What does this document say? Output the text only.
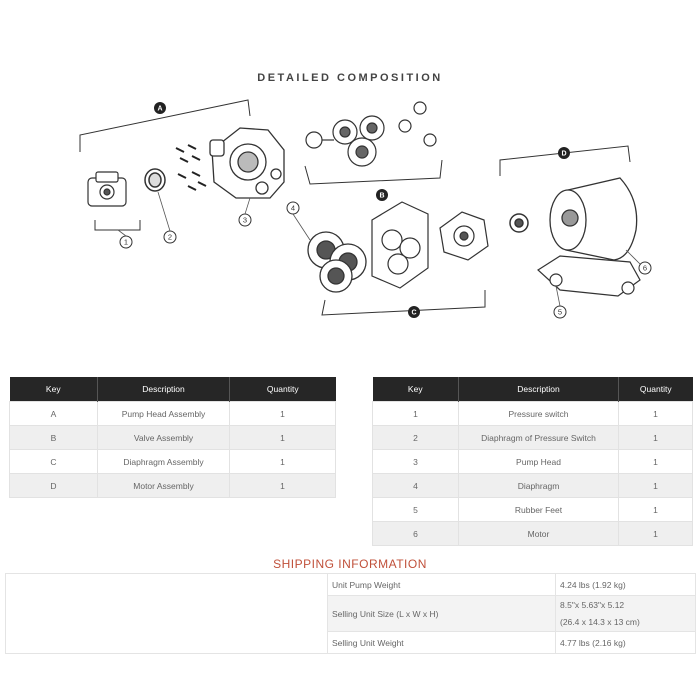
DETAILED COMPOSITION
A
B
C
D
1
2
3
4
5
6
Key	Description	Quantity
A	Pump Head Assembly	1
B	Valve Assembly	1
C	Diaphragm Assembly	1
D	Motor Assembly	1
Key	Description	Quantity
1	Pressure switch	1
2	Diaphragm of Pressure Switch	1
3	Pump Head	1
4	Diaphragm	1
5	Rubber Feet	1
6	Motor	1
SHIPPING INFORMATION
	Unit Pump Weight	4.24 lbs (1.92 kg)
	Selling Unit Size (L x W x H)	8.5"x 5.63"x 5.12
(26.4 x 14.3 x 13 cm)

	Selling Unit Weight	4.77 lbs (2.16 kg)
